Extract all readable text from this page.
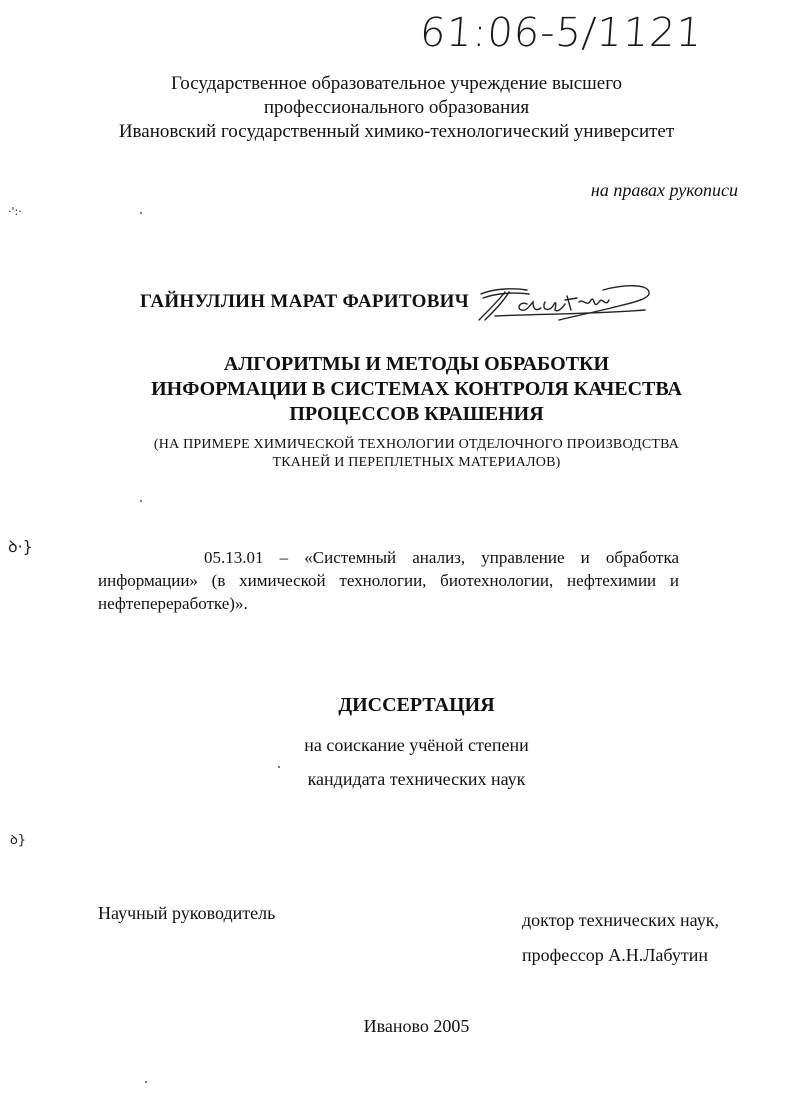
61:06-5/1121
Государственное образовательное учреждение высшего
профессионального образования
Ивановский государственный химико-технологический университет
на правах рукописи
ГАЙНУЛЛИН МАРАТ ФАРИТОВИЧ
АЛГОРИТМЫ И МЕТОДЫ ОБРАБОТКИ
ИНФОРМАЦИИ В СИСТЕМАХ КОНТРОЛЯ КАЧЕСТВА
ПРОЦЕССОВ КРАШЕНИЯ
(НА ПРИМЕРЕ ХИМИЧЕСКОЙ ТЕХНОЛОГИИ ОТДЕЛОЧНОГО ПРОИЗВОДСТВА
ТКАНЕЙ И ПЕРЕПЛЕТНЫХ МАТЕРИАЛОВ)
05.13.01 – «Системный анализ, управление и обработка информации» (в химической технологии, биотехнологии, нефтехимии и нефтепереработке)».
ДИССЕРТАЦИЯ
на соискание учёной степени
кандидата технических наук
Научный руководитель	доктор технических наук,
профессор А.Н.Лабутин
Иваново 2005
·ꞌ:·
ꝺ·}
ꝺ}
